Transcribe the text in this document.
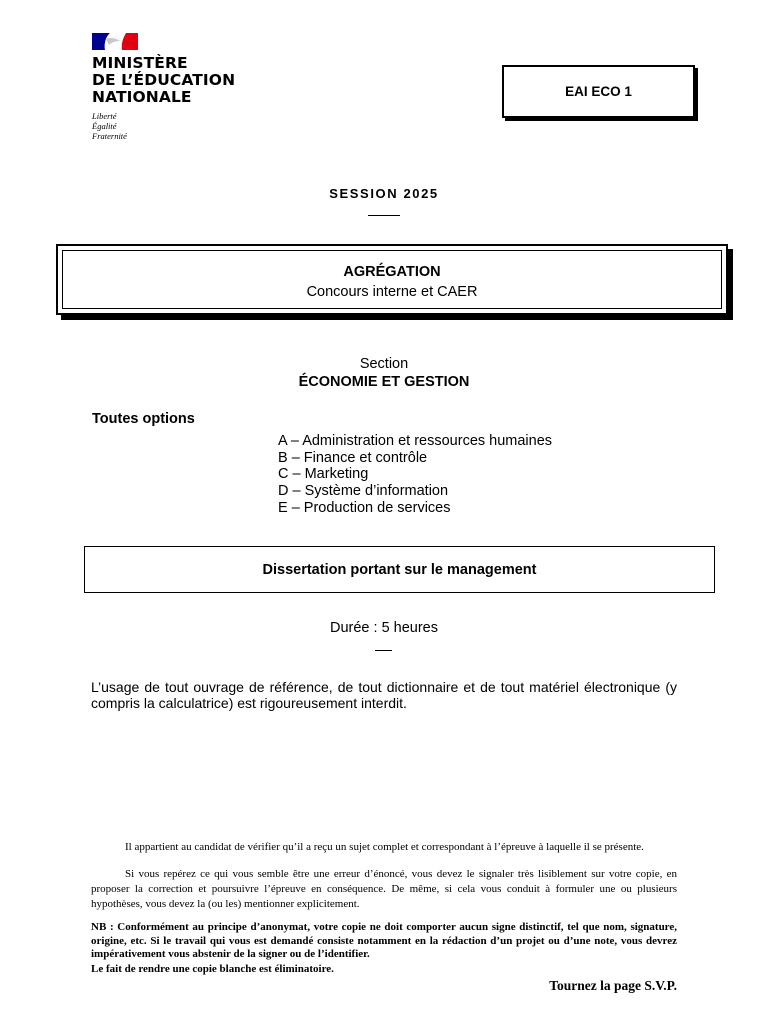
MINISTÈRE
DE L’ÉDUCATION
NATIONALE
Liberté
Égalité
Fraternité
EAI ECO 1
SESSION 2025
AGRÉGATION
Concours interne et CAER
Section
ÉCONOMIE ET GESTION
Toutes options
A – Administration et ressources humaines
B – Finance et contrôle
C – Marketing
D – Système d’information
E – Production de services
Dissertation portant sur le management
Durée : 5 heures
L’usage de tout ouvrage de référence, de tout dictionnaire et de tout matériel électronique (y compris la calculatrice) est rigoureusement interdit.
Il appartient au candidat de vérifier qu’il a reçu un sujet complet et correspondant à l’épreuve à laquelle il se présente.
Si vous repérez ce qui vous semble être une erreur d’énoncé, vous devez le signaler très lisiblement sur votre copie, en proposer la correction et poursuivre l’épreuve en conséquence. De même, si cela vous conduit à formuler une ou plusieurs hypothèses, vous devez la (ou les) mentionner explicitement.
NB : Conformément au principe d’anonymat, votre copie ne doit comporter aucun signe distinctif, tel que nom, signature, origine, etc. Si le travail qui vous est demandé consiste notamment en la rédaction d’un projet ou d’une note, vous devrez impérativement vous abstenir de la signer ou de l’identifier.
Le fait de rendre une copie blanche est éliminatoire.
Tournez la page S.V.P.
